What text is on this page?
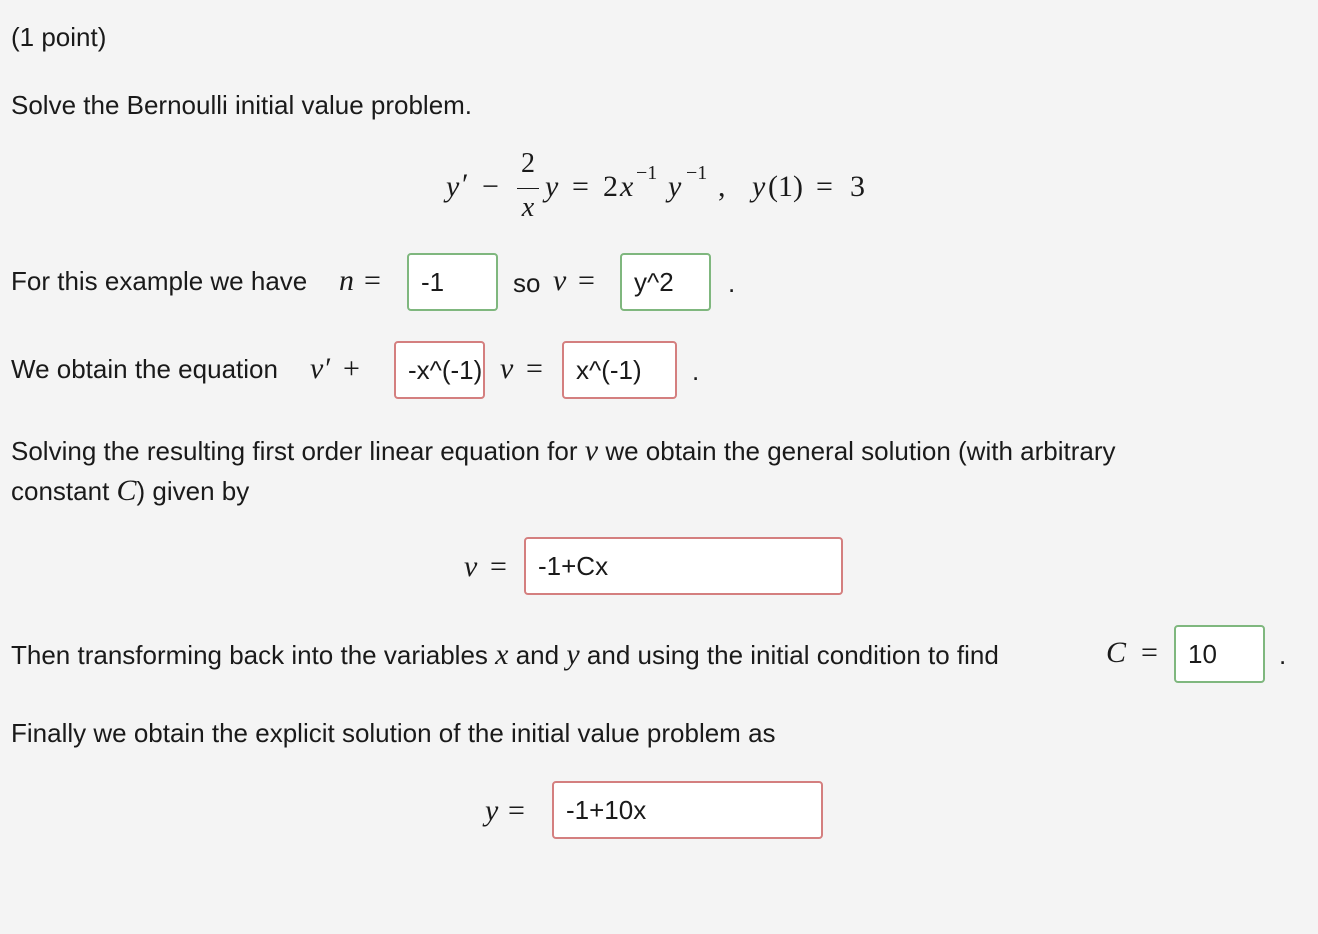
(1 point)
Solve the Bernoulli initial value problem.
y ′ −
2
x
y = 2 x −1 y −1 , y (1) = 3
For this example we have n =
-1	so v =
y^2	.
We obtain the equation v′ +
-x^(-1)	v =
x^(-1)	.
Solving the resulting first order linear equation for v we obtain the general solution (with arbitrary
constant C) given by
v =
-1+Cx
Then transforming back into the variables x and y and using the initial condition to find	C =
10	.
Finally we obtain the explicit solution of the initial value problem as
y =
-1+10x
